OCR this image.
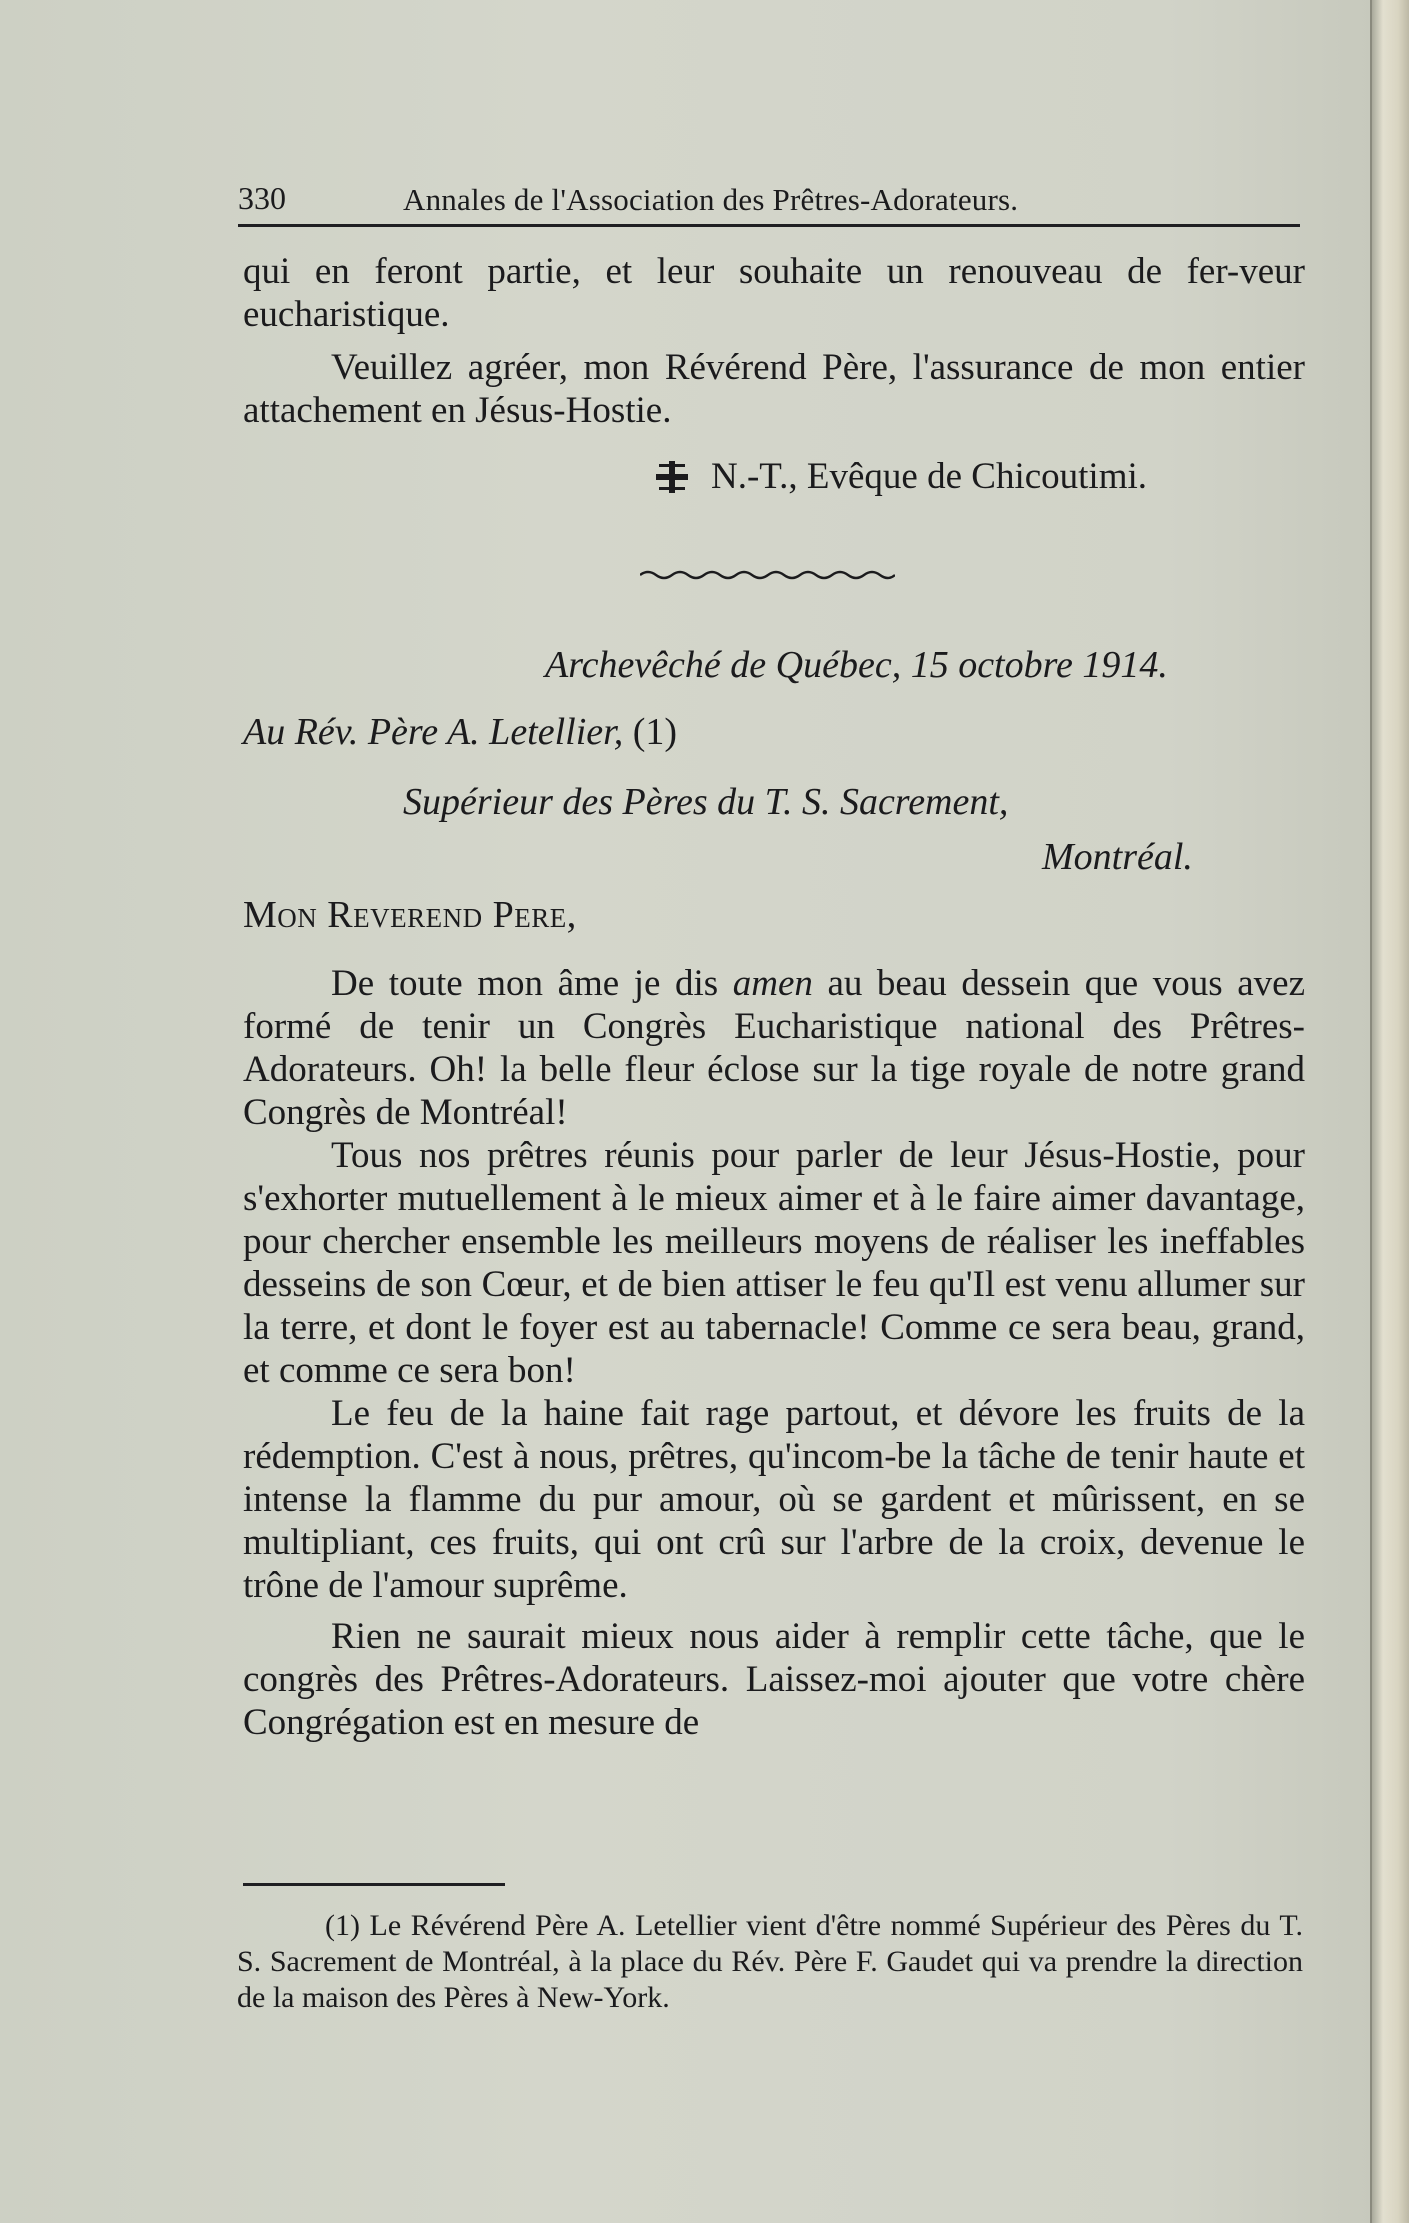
330	Annales de l'Association des Prêtres-Adorateurs.

qui en feront partie, et leur souhaite un renouveau de fer-veur eucharistique.

Veuillez agréer, mon Révérend Père, l'assurance de mon entier attachement en Jésus-Hostie.

N.-T., Evêque de Chicoutimi.
Archevêché de Québec, 15 octobre 1914.
Au Rév. Père A. Letellier, (1)
Supérieur des Pères du T. S. Sacrement,
Montréal.
Mon Reverend Pere,

De toute mon âme je dis amen au beau dessein que vous avez formé de tenir un Congrès Eucharistique national des Prêtres-Adorateurs. Oh! la belle fleur éclose sur la tige royale de notre grand Congrès de Montréal!

Tous nos prêtres réunis pour parler de leur Jésus-Hostie, pour s'exhorter mutuellement à le mieux aimer et à le faire aimer davantage, pour chercher ensemble les meilleurs moyens de réaliser les ineffables desseins de son Cœur, et de bien attiser le feu qu'Il est venu allumer sur la terre, et dont le foyer est au tabernacle! Comme ce sera beau, grand, et comme ce sera bon!

Le feu de la haine fait rage partout, et dévore les fruits de la rédemption. C'est à nous, prêtres, qu'incom-be la tâche de tenir haute et intense la flamme du pur amour, où se gardent et mûrissent, en se multipliant, ces fruits, qui ont crû sur l'arbre de la croix, devenue le trône de l'amour suprême.

Rien ne saurait mieux nous aider à remplir cette tâche, que le congrès des Prêtres-Adorateurs. Laissez-moi ajouter que votre chère Congrégation est en mesure de

(1) Le Révérend Père A. Letellier vient d'être nommé Supérieur des Pères du T. S. Sacrement de Montréal, à la place du Rév. Père F. Gaudet qui va prendre la direction de la maison des Pères à New-York.
